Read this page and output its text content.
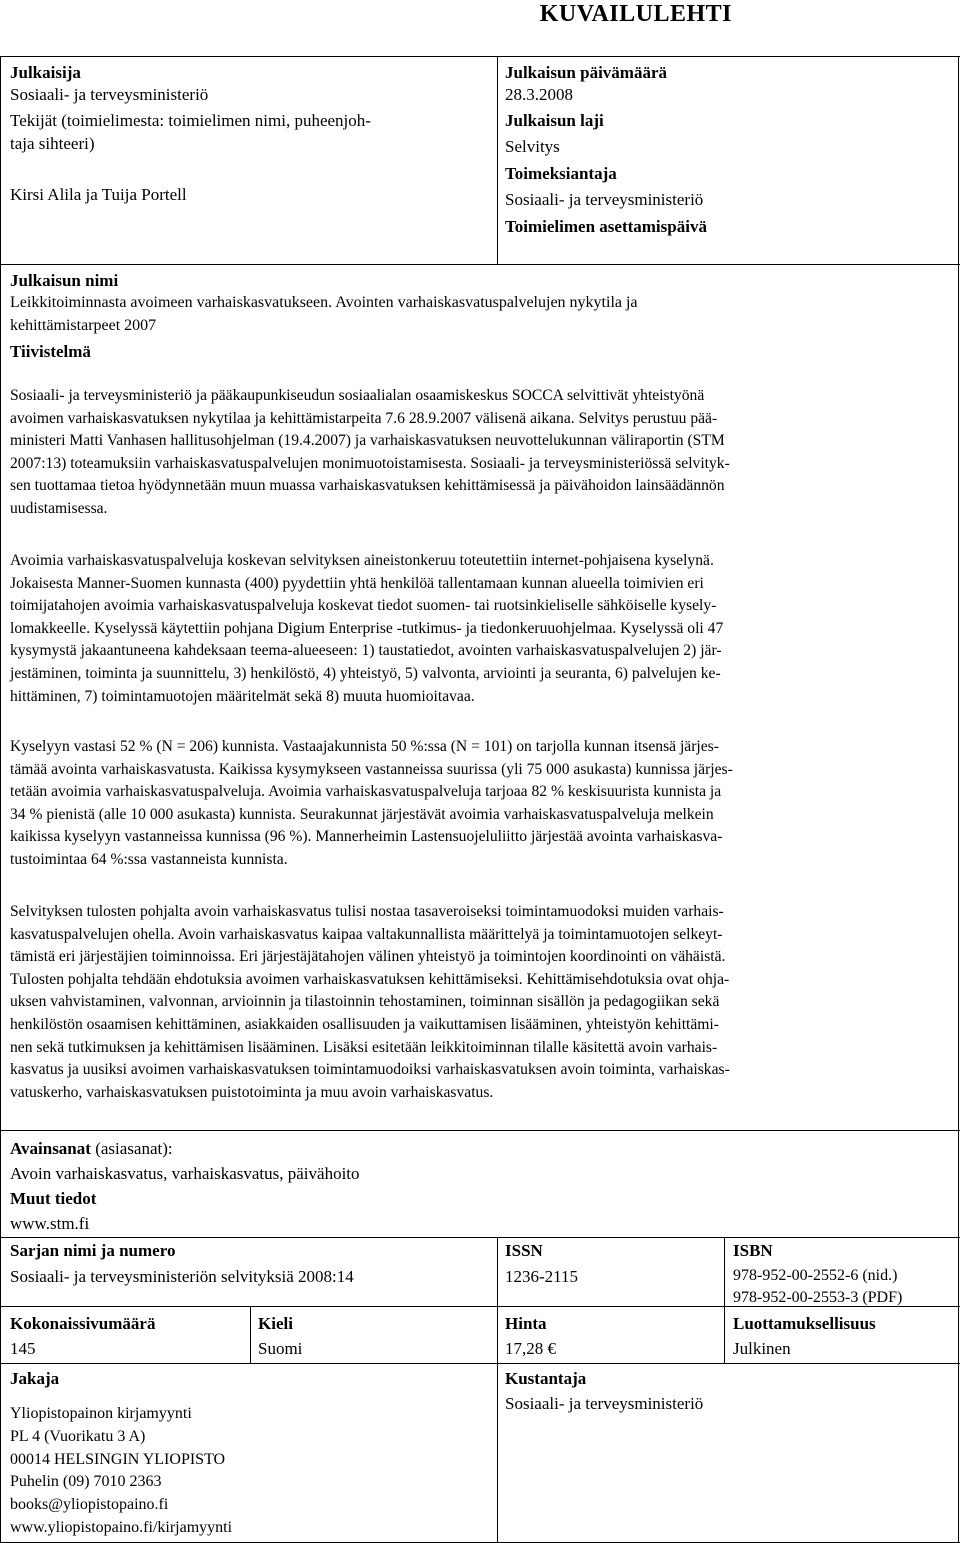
KUVAILULEHTI
Julkaisija
Sosiaali- ja terveysministeriö
Tekijät (toimielimesta: toimielimen nimi, puheenjoh-
taja sihteeri)
Kirsi Alila ja Tuija Portell
Julkaisun päivämäärä
28.3.2008
Julkaisun laji
Selvitys
Toimeksiantaja
Sosiaali- ja terveysministeriö
Toimielimen asettamispäivä
Julkaisun nimi
Leikkitoiminnasta avoimeen varhaiskasvatukseen. Avointen varhaiskasvatuspalvelujen nykytila ja
kehittämistarpeet 2007
Tiivistelmä
Sosiaali- ja terveysministeriö ja pääkaupunkiseudun sosiaalialan osaamiskeskus SOCCA selvittivät yhteistyönä
avoimen varhaiskasvatuksen nykytilaa ja kehittämistarpeita 7.6 28.9.2007 välisenä aikana. Selvitys perustuu pää-
ministeri Matti Vanhasen hallitusohjelman (19.4.2007) ja varhaiskasvatuksen neuvottelukunnan väliraportin (STM
2007:13) toteamuksiin varhaiskasvatuspalvelujen monimuotoistamisesta. Sosiaali- ja terveysministeriössä selvityk-
sen tuottamaa tietoa hyödynnetään muun muassa varhaiskasvatuksen kehittämisessä ja päivähoidon lainsäädännön
uudistamisessa.
Avoimia varhaiskasvatuspalveluja koskevan selvityksen aineistonkeruu toteutettiin internet-pohjaisena kyselynä.
Jokaisesta Manner-Suomen kunnasta (400) pyydettiin yhtä henkilöä tallentamaan kunnan alueella toimivien eri
toimijatahojen avoimia varhaiskasvatuspalveluja koskevat tiedot suomen- tai ruotsinkieliselle sähköiselle kysely-
lomakkeelle. Kyselyssä käytettiin pohjana Digium Enterprise -tutkimus- ja tiedonkeruuohjelmaa. Kyselyssä oli 47
kysymystä jakaantuneena kahdeksaan teema-alueeseen: 1) taustatiedot, avointen varhaiskasvatuspalvelujen 2) jär-
jestäminen, toiminta ja suunnittelu, 3) henkilöstö, 4) yhteistyö, 5) valvonta, arviointi ja seuranta, 6) palvelujen ke-
hittäminen, 7) toimintamuotojen määritelmät sekä 8) muuta huomioitavaa.
Kyselyyn vastasi 52 % (N = 206) kunnista. Vastaajakunnista 50 %:ssa (N = 101) on tarjolla kunnan itsensä järjes-
tämää avointa varhaiskasvatusta. Kaikissa kysymykseen vastanneissa suurissa (yli 75 000 asukasta) kunnissa järjes-
tetään avoimia varhaiskasvatuspalveluja. Avoimia varhaiskasvatuspalveluja tarjoaa 82 % keskisuurista kunnista ja
34 % pienistä (alle 10 000 asukasta) kunnista. Seurakunnat järjestävät avoimia varhaiskasvatuspalveluja melkein
kaikissa kyselyyn vastanneissa kunnissa (96 %). Mannerheimin Lastensuojeluliitto järjestää avointa varhaiskasva-
tustoimintaa 64 %:ssa vastanneista kunnista.
Selvityksen tulosten pohjalta avoin varhaiskasvatus tulisi nostaa tasaveroiseksi toimintamuodoksi muiden varhais-
kasvatuspalvelujen ohella. Avoin varhaiskasvatus kaipaa valtakunnallista määrittelyä ja toimintamuotojen selkeyt-
tämistä eri järjestäjien toiminnoissa. Eri järjestäjätahojen välinen yhteistyö ja toimintojen koordinointi on vähäistä.
Tulosten pohjalta tehdään ehdotuksia avoimen varhaiskasvatuksen kehittämiseksi. Kehittämisehdotuksia ovat ohja-
uksen vahvistaminen, valvonnan, arvioinnin ja tilastoinnin tehostaminen, toiminnan sisällön ja pedagogiikan sekä
henkilöstön osaamisen kehittäminen, asiakkaiden osallisuuden ja vaikuttamisen lisääminen, yhteistyön kehittämi-
nen sekä tutkimuksen ja kehittämisen lisääminen. Lisäksi esitetään leikkitoiminnan tilalle käsitettä avoin varhais-
kasvatus ja uusiksi avoimen varhaiskasvatuksen toimintamuodoiksi varhaiskasvatuksen avoin toiminta, varhaiskas-
vatuskerho, varhaiskasvatuksen puistotoiminta ja muu avoin varhaiskasvatus.
Avainsanat (asiasanat):
Avoin varhaiskasvatus, varhaiskasvatus, päivähoito
Muut tiedot
www.stm.fi
Sarjan nimi ja numero
Sosiaali- ja terveysministeriön selvityksiä 2008:14
ISSN
1236-2115
ISBN
978-952-00-2552-6 (nid.)
978-952-00-2553-3 (PDF)
Kokonaissivumäärä
145
Kieli
Suomi
Hinta
17,28 €
Luottamuksellisuus
Julkinen
Jakaja
Yliopistopainon kirjamyynti
PL 4 (Vuorikatu 3 A)
00014 HELSINGIN YLIOPISTO
Puhelin (09) 7010 2363
books@yliopistopaino.fi
www.yliopistopaino.fi/kirjamyynti
Kustantaja
Sosiaali- ja terveysministeriö
